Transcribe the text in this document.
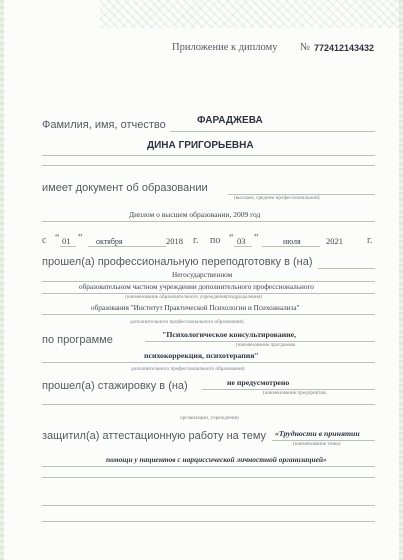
Приложение к диплому № 772412143432
Фамилия, имя, отчество	ФАРАДЖЕВА
ДИНА ГРИГОРЬЕВНА
имеет документ об образовании
(высшем, среднем профессиональном)
Диплом о высшем образовании, 2009 год
с “ 01 ” октября	2018 г. по “ 03 ”	июля	2021 г.
прошел(а) профессиональную переподготовку в (на)
Негосударственном
образовательном частном учреждении дополнительного профессионального
(наименование образовательного учреждения(подразделения)
образования "Институт Практической Психологии и Психоанализа"
дополнительного профессионального образования)
по программе	"Психологическое консультирование,
(наименование программы
психокоррекция, психотерапия"
дополнительного профессионального образования)
прошел(а) стажировку в (на)	не предусмотрено
(наименование предприятия,
организации, учреждения)
защитил(а) аттестационную работу на тему «Трудности в принятии
(наименование темы)
помощи у пациентов с нарциссической личностной организацией»
